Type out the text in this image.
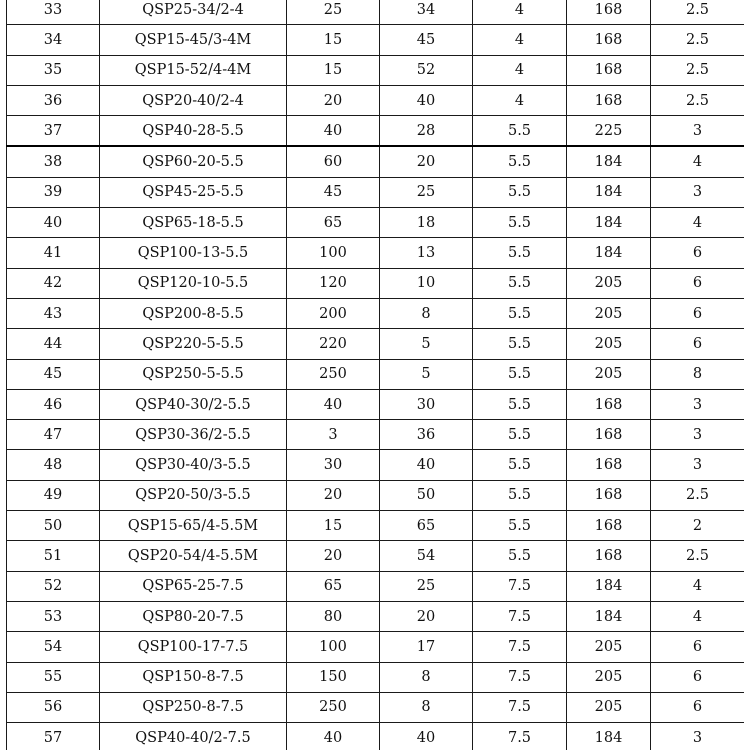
33	QSP25-34/2-4	25	34	4	168	2.5
34	QSP15-45/3-4M	15	45	4	168	2.5
35	QSP15-52/4-4M	15	52	4	168	2.5
36	QSP20-40/2-4	20	40	4	168	2.5
37	QSP40-28-5.5	40	28	5.5	225	3
38	QSP60-20-5.5	60	20	5.5	184	4
39	QSP45-25-5.5	45	25	5.5	184	3
40	QSP65-18-5.5	65	18	5.5	184	4
41	QSP100-13-5.5	100	13	5.5	184	6
42	QSP120-10-5.5	120	10	5.5	205	6
43	QSP200-8-5.5	200	8	5.5	205	6
44	QSP220-5-5.5	220	5	5.5	205	6
45	QSP250-5-5.5	250	5	5.5	205	8
46	QSP40-30/2-5.5	40	30	5.5	168	3
47	QSP30-36/2-5.5	3	36	5.5	168	3
48	QSP30-40/3-5.5	30	40	5.5	168	3
49	QSP20-50/3-5.5	20	50	5.5	168	2.5
50	QSP15-65/4-5.5M	15	65	5.5	168	2
51	QSP20-54/4-5.5M	20	54	5.5	168	2.5
52	QSP65-25-7.5	65	25	7.5	184	4
53	QSP80-20-7.5	80	20	7.5	184	4
54	QSP100-17-7.5	100	17	7.5	205	6
55	QSP150-8-7.5	150	8	7.5	205	6
56	QSP250-8-7.5	250	8	7.5	205	6
57	QSP40-40/2-7.5	40	40	7.5	184	3
